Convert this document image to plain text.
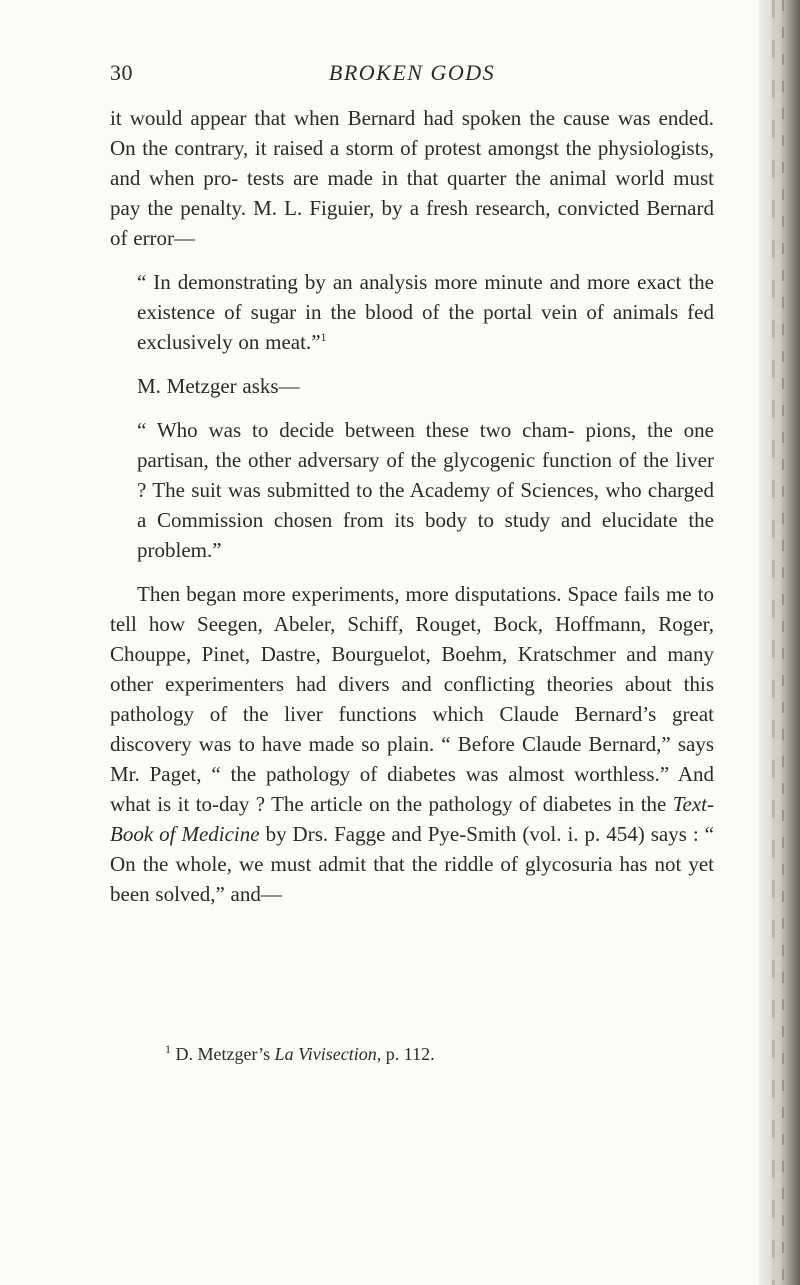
30	BROKEN GODS

it would appear that when Bernard had spoken the cause was ended. On the contrary, it raised a storm of protest amongst the physiologists, and when pro- tests are made in that quarter the animal world must pay the penalty. M. L. Figuier, by a fresh research, convicted Bernard of error—

“ In demonstrating by an analysis more minute and more exact the existence of sugar in the blood of the portal vein of animals fed exclusively on meat.”$^1$

M. Metzger asks—

“ Who was to decide between these two cham- pions, the one partisan, the other adversary of the glycogenic function of the liver ? The suit was submitted to the Academy of Sciences, who charged a Commission chosen from its body to study and elucidate the problem.”

Then began more experiments, more disputations. Space fails me to tell how Seegen, Abeler, Schiff, Rouget, Bock, Hoffmann, Roger, Chouppe, Pinet, Dastre, Bourguelot, Boehm, Kratschmer and many other experimenters had divers and conflicting theories about this pathology of the liver functions which Claude Bernard’s great discovery was to have made so plain. “ Before Claude Bernard,” says Mr. Paget, “ the pathology of diabetes was almost worthless.” And what is it to-day ? The article on the pathology of diabetes in the Text-Book of Medicine by Drs. Fagge and Pye-Smith (vol. i. p. 454) says : “ On the whole, we must admit that the riddle of glycosuria has not yet been solved,” and—

$^1$ D. Metzger’s La Vivisection, p. 112.
